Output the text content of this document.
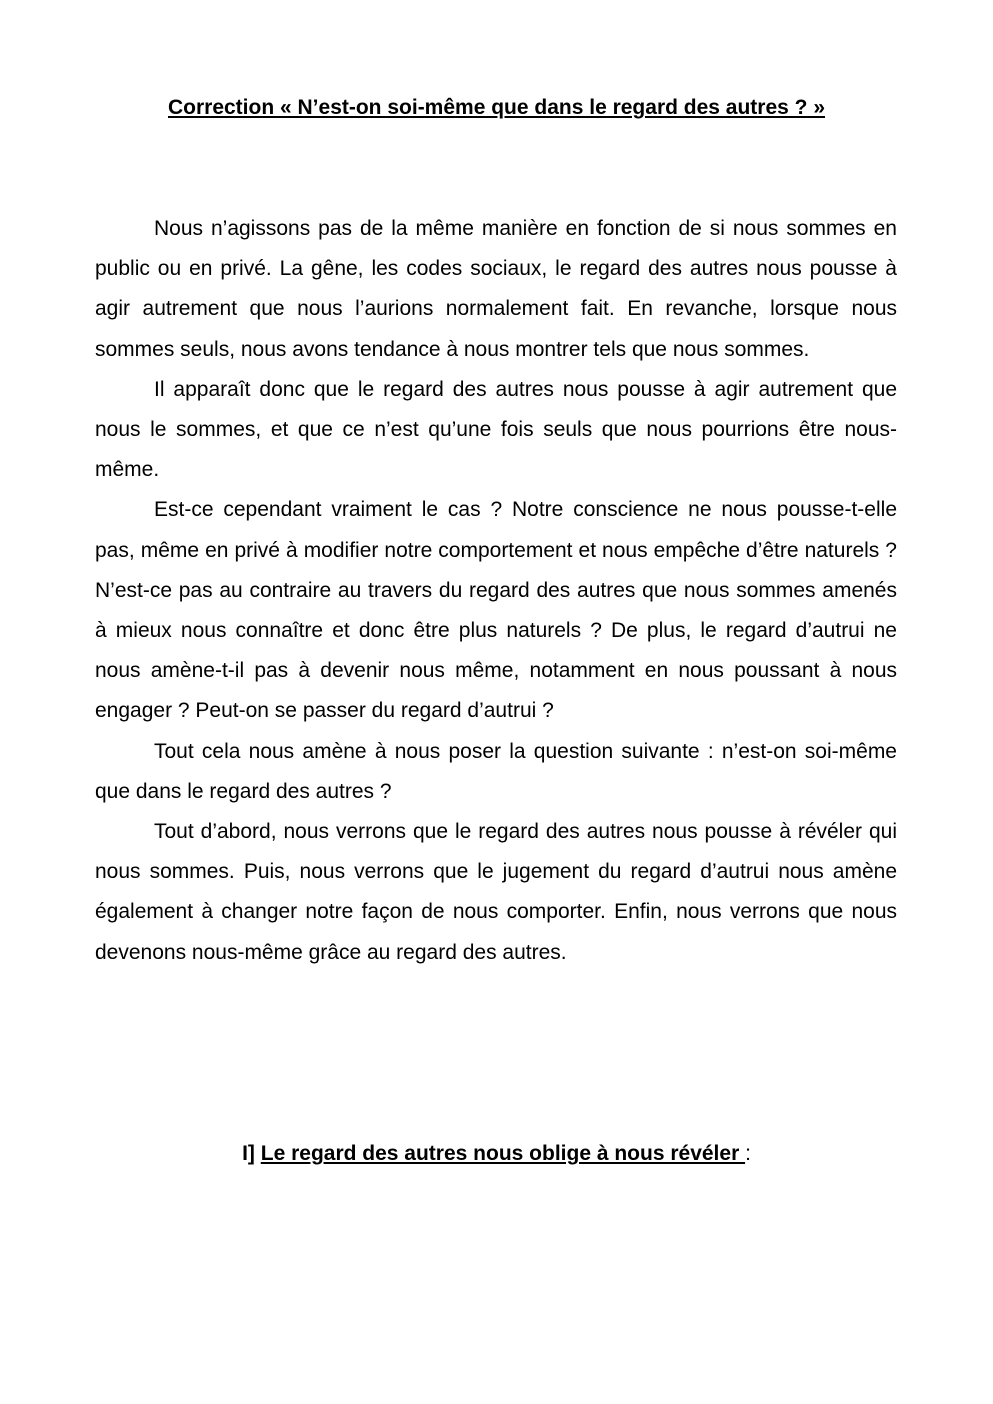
Correction « N’est-on soi-même que dans le regard des autres ? »

Nous n’agissons pas de la même manière en fonction de si nous sommes en public ou en privé. La gêne, les codes sociaux, le regard des autres nous pousse à agir autrement que nous l’aurions normalement fait. En revanche, lorsque nous sommes seuls, nous avons tendance à nous montrer tels que nous sommes.

Il apparaît donc que le regard des autres nous pousse à agir autrement que nous le sommes, et que ce n’est qu’une fois seuls que nous pourrions être nous-même.

Est-ce cependant vraiment le cas ? Notre conscience ne nous pousse-t-elle pas, même en privé à modifier notre comportement et nous empêche d’être naturels ? N’est-ce pas au contraire au travers du regard des autres que nous sommes amenés à mieux nous connaître et donc être plus naturels ? De plus, le regard d’autrui ne nous amène-t-il pas à devenir nous même, notamment en nous poussant à nous engager ? Peut-on se passer du regard d’autrui ?

Tout cela nous amène à nous poser la question suivante : n’est-on soi-même que dans le regard des autres ?

Tout d’abord, nous verrons que le regard des autres nous pousse à révéler qui nous sommes. Puis, nous verrons que le jugement du regard d’autrui nous amène également à changer notre façon de nous comporter. Enfin, nous verrons que nous devenons nous-même grâce au regard des autres.

I] Le regard des autres nous oblige à nous révéler :
